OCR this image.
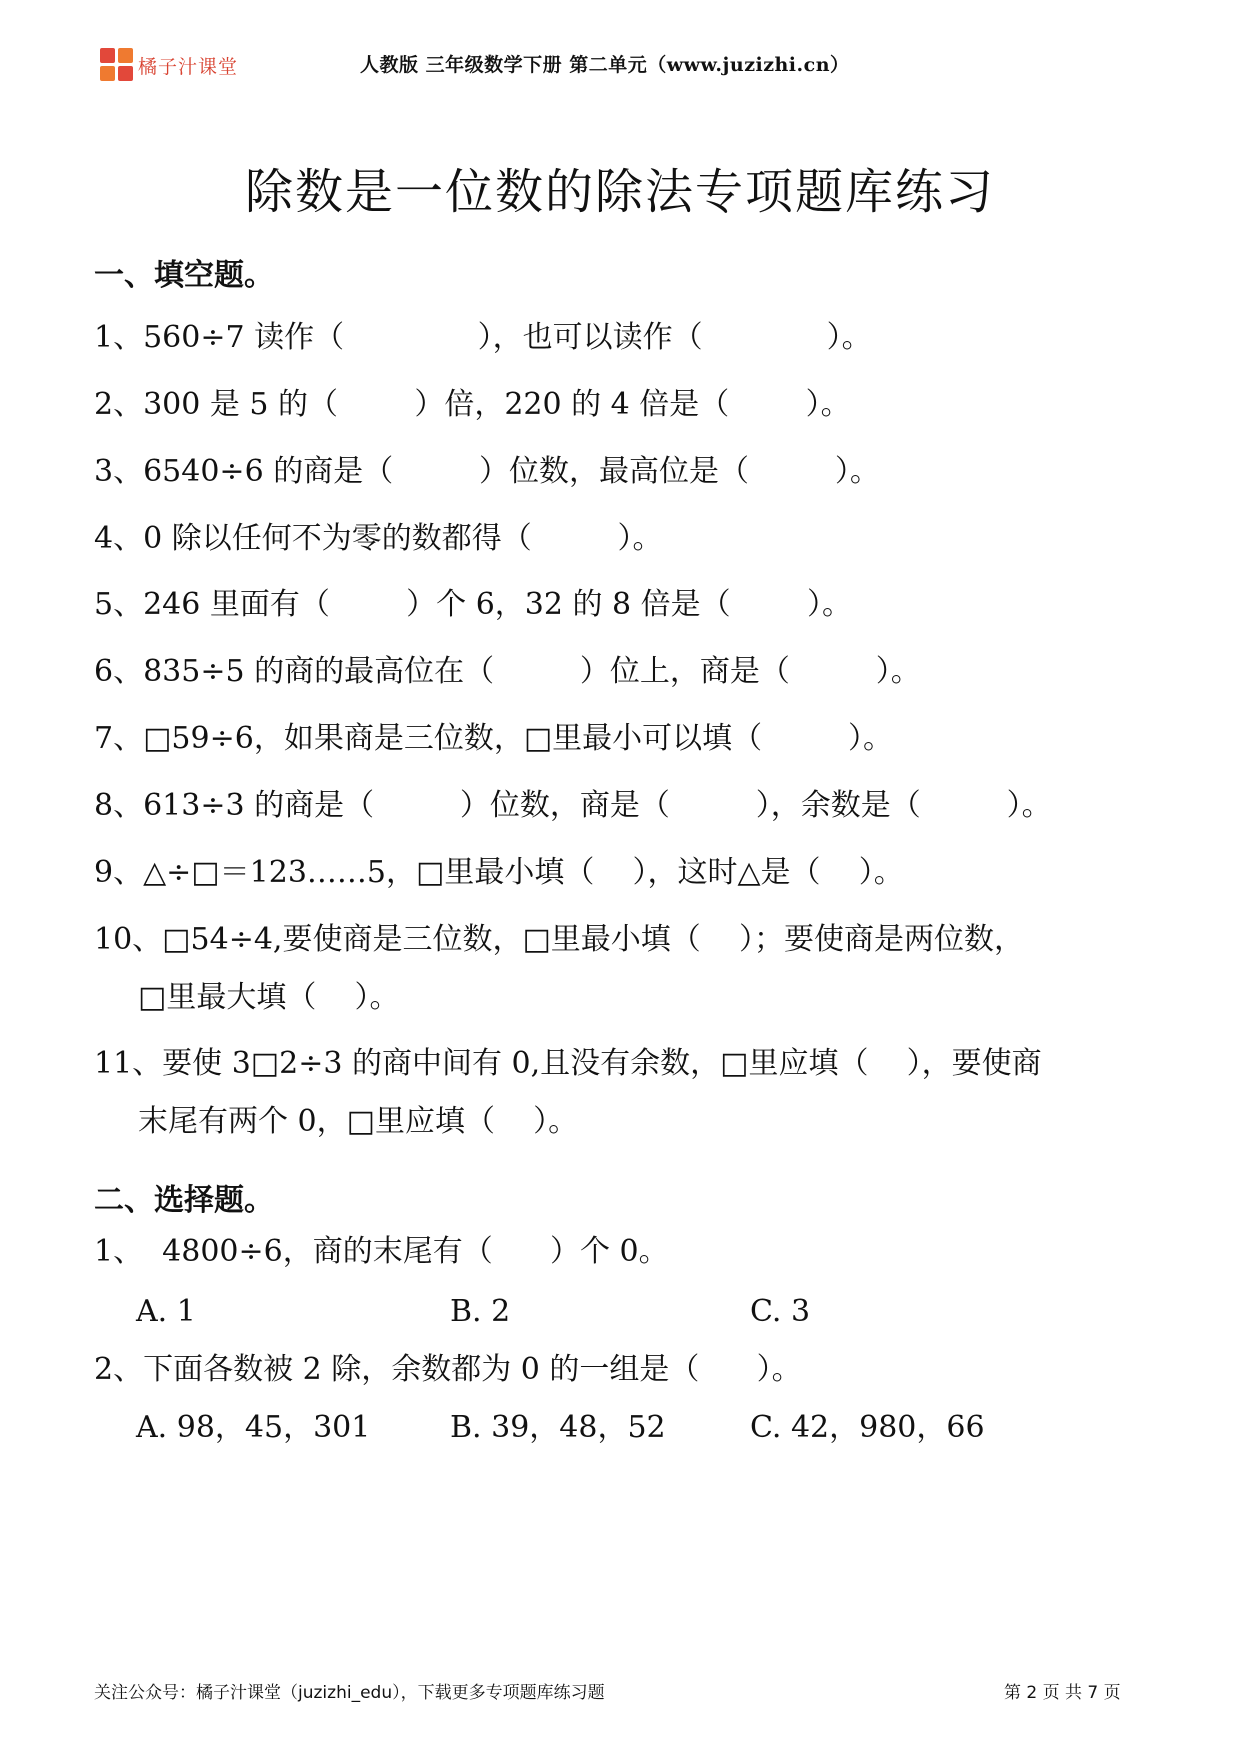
橘子汁课堂	人教版 三年级数学下册 第二单元（www.juzizhi.cn）
除数是一位数的除法专项题库练习
一、填空题。
1、560÷7 读作（              ），也可以读作（             ）。
2、300 是 5 的（        ）倍，220 的 4 倍是（        ）。
3、6540÷6 的商是（         ）位数，最高位是（         ）。
4、0 除以任何不为零的数都得（         ）。
5、246 里面有（        ）个 6，32 的 8 倍是（        ）。
6、835÷5 的商的最高位在（         ）位上，商是（         ）。
7、□59÷6，如果商是三位数，□里最小可以填（         ）。
8、613÷3 的商是（         ）位数，商是（         ），余数是（         ）。
9、△÷□＝123……5，□里最小填（    ），这时△是（    ）。
10、□54÷4,要使商是三位数，□里最小填（    ）；要使商是两位数，
□里最大填（    ）。
11、要使 3□2÷3 的商中间有 0,且没有余数，□里应填（    ），要使商
末尾有两个 0，□里应填（    ）。
二、选择题。
1、  4800÷6，商的末尾有（      ）个 0。
A. 1	B. 2	C. 3
2、下面各数被 2 除，余数都为 0 的一组是（      ）。
A. 98，45，301	B. 39，48，52	C. 42，980，66
关注公众号：橘子汁课堂（juzizhi_edu），下载更多专项题库练习题	第 2 页 共 7 页
